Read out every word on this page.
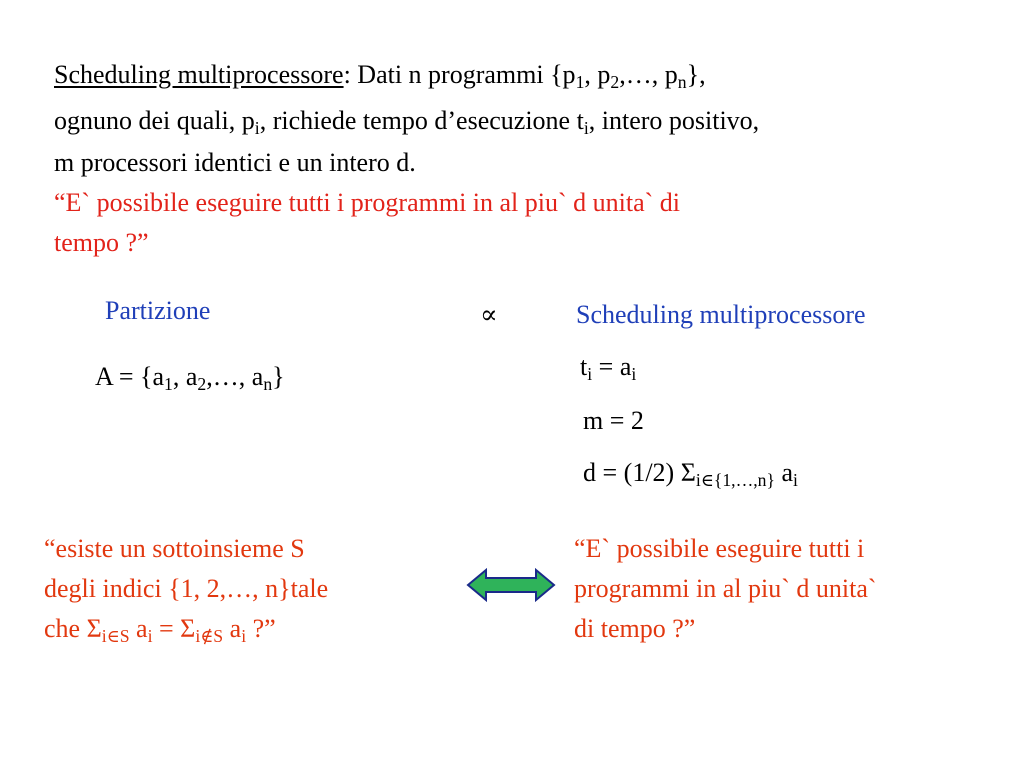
Scheduling multiprocessore: Dati n programmi {$p_1$, $p_2,\dots$, $p_n$},
ognuno dei quali, $p_i$, richiede tempo d’esecuzione $t_i$, intero positivo,
m processori identici e un intero d.
“E` possibile eseguire tutti i programmi in al piu` d unita` di
tempo ?”
Partizione
$A = \{a_1$, $a_2,\dots$, $a_n$}
∝	Scheduling multiprocessore
$t_i = a_i$
m = 2
d = (1/2) $\Sigma_{i\in\{1,\dots,n\}}$ $a_i$
“esiste un sottoinsieme S
degli indici {1, 2,…, n}tale
che $\Sigma_{i\in S}$ $a_i = \Sigma_{i\notin S}$ $a_i$ ?”
“E` possibile eseguire tutti i
programmi in al piu` d unita`
di tempo ?”
